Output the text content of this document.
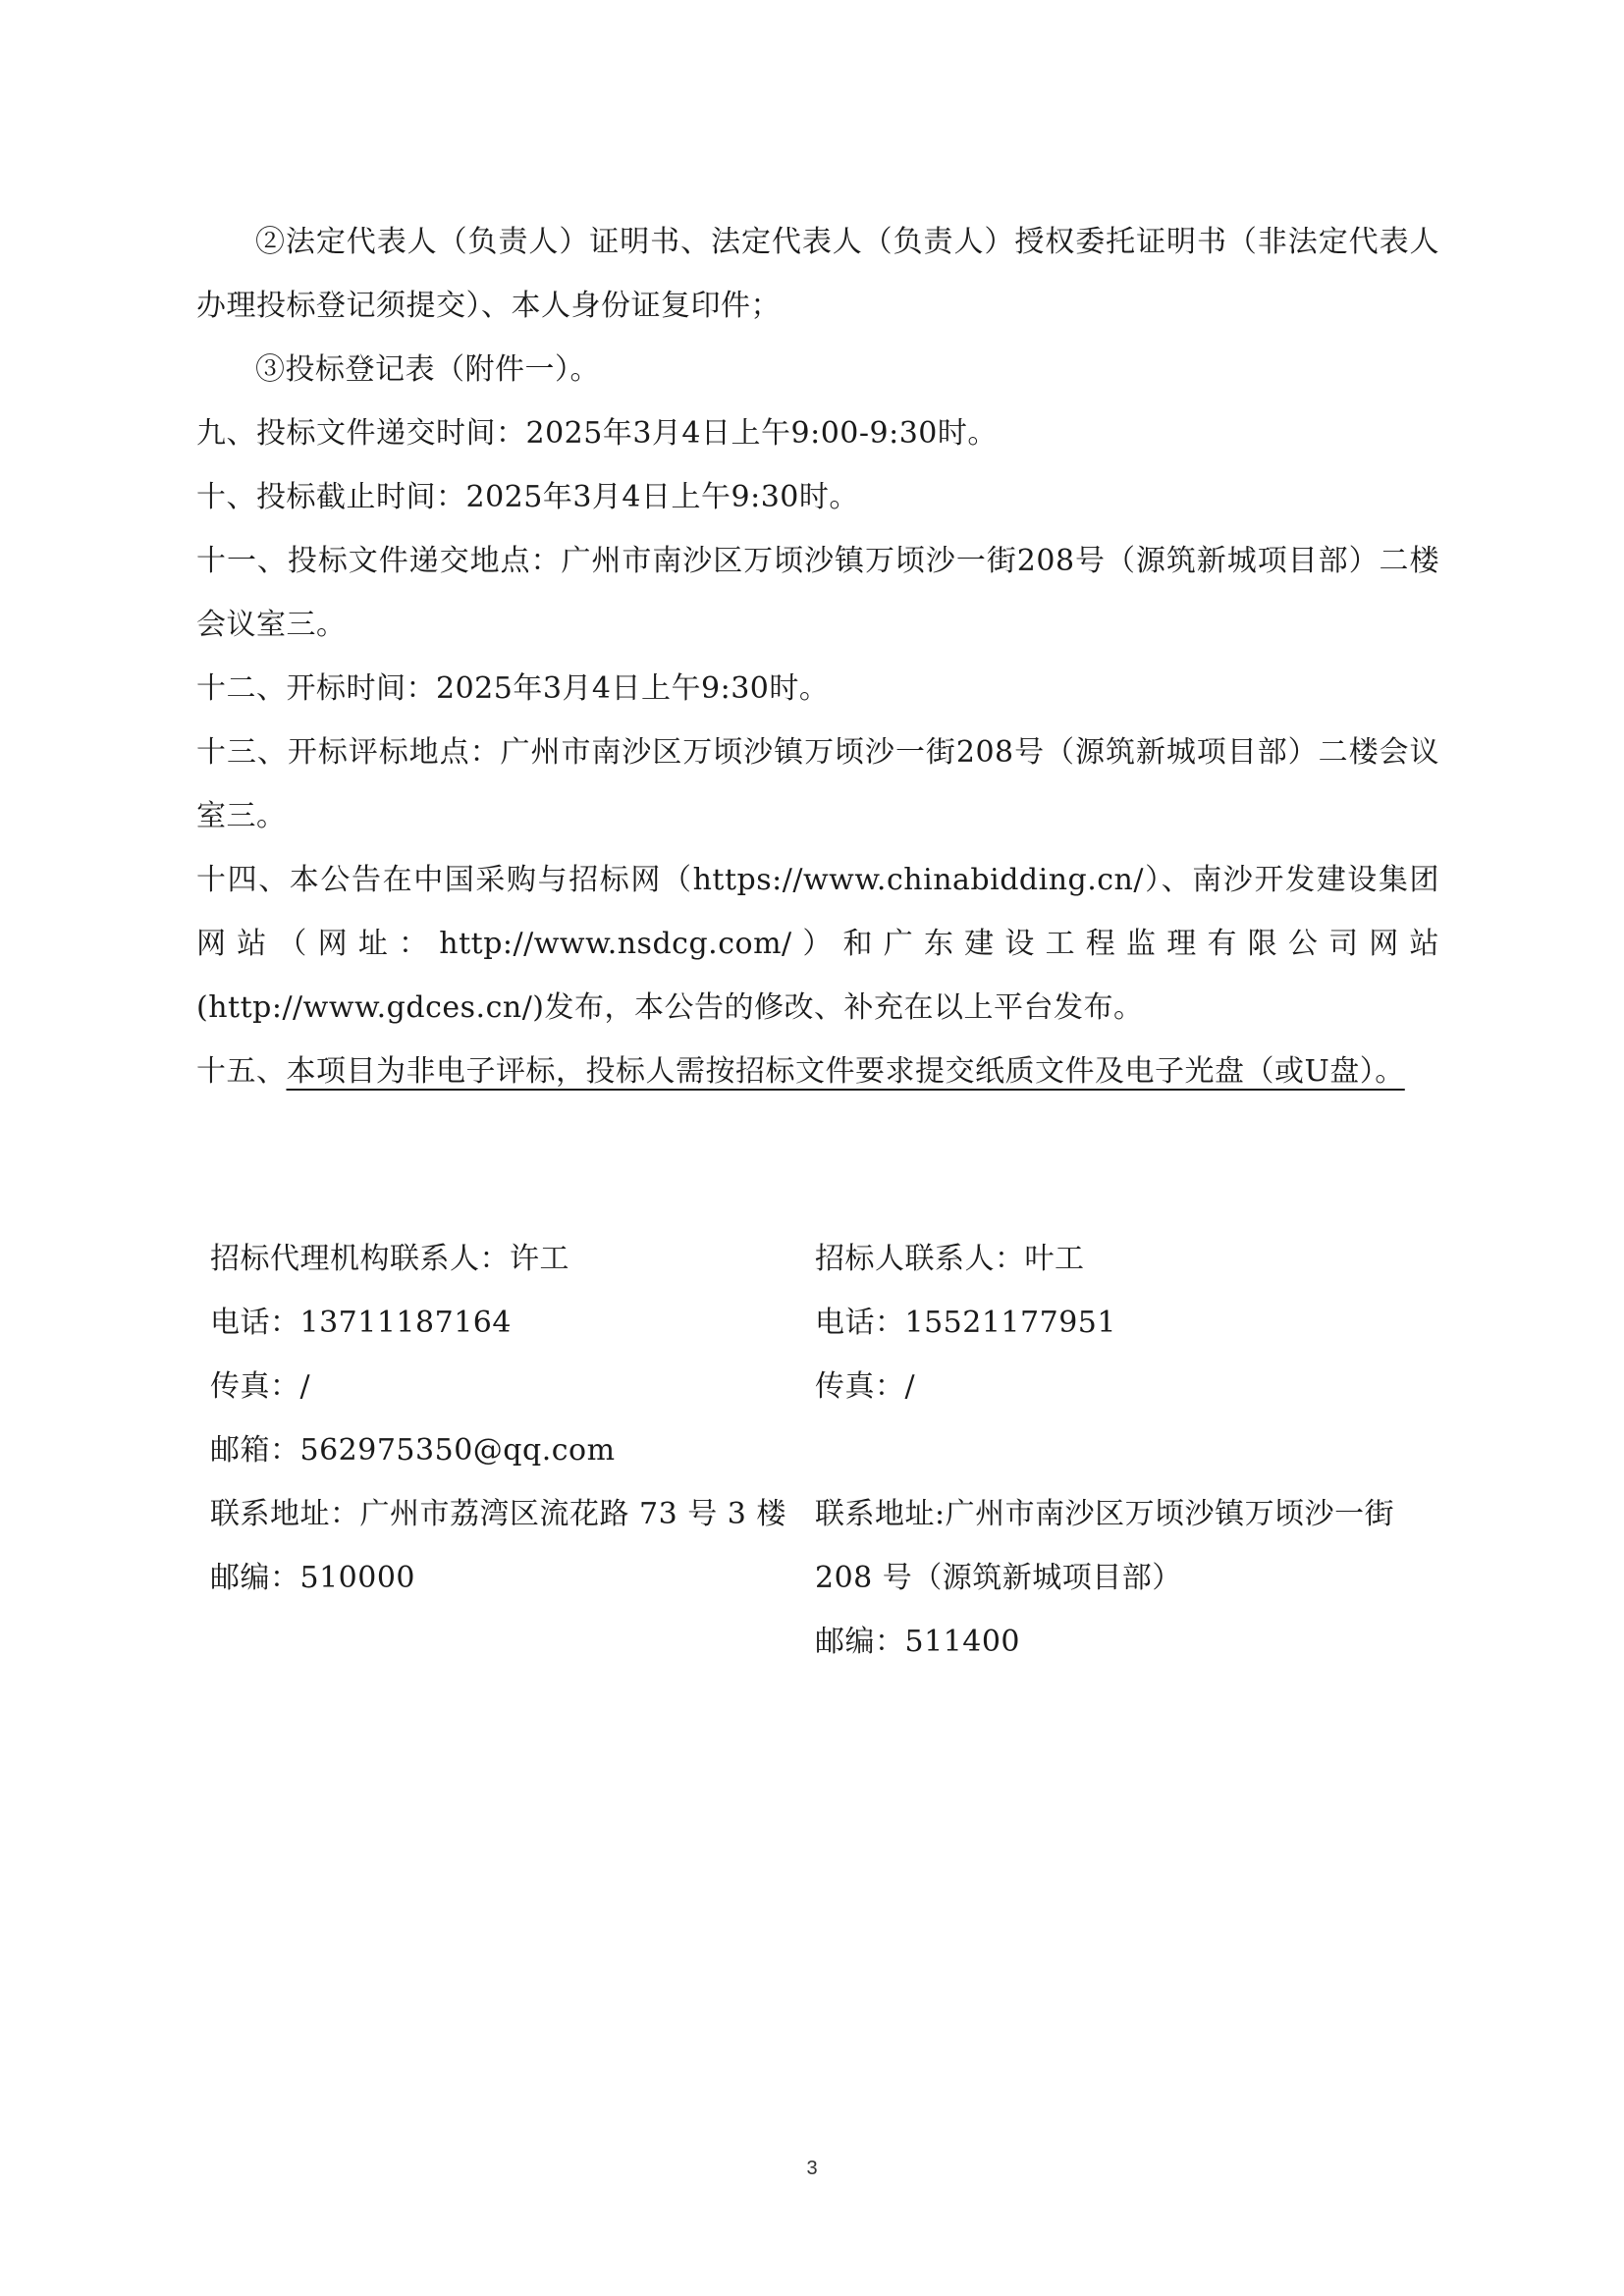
②法定代表人（负责人）证明书、法定代表人（负责人）授权委托证明书（非法定代表人办理投标登记须提交）、本人身份证复印件；

③投标登记表（附件一）。

九、投标文件递交时间：2025年3月4日上午9:00-9:30时。

十、投标截止时间：2025年3月4日上午9:30时。

十一、投标文件递交地点：广州市南沙区万顷沙镇万顷沙一街208号（源筑新城项目部）二楼会议室三。

十二、开标时间：2025年3月4日上午9:30时。

十三、开标评标地点：广州市南沙区万顷沙镇万顷沙一街208号（源筑新城项目部）二楼会议室三。

十四、本公告在中国采购与招标网（https://www.chinabidding.cn/）、南沙开发建设集团网站（网址：http://www.nsdcg.com/）和广东建设工程监理有限公司网站(http://www.gdces.cn/)发布，本公告的修改、补充在以上平台发布。

十五、本项目为非电子评标，投标人需按招标文件要求提交纸质文件及电子光盘（或U盘）。

招标代理机构联系人：许工

电话：13711187164

传真：/

邮箱：562975350@qq.com

联系地址：广州市荔湾区流花路 73 号 3 楼

邮编：510000

招标人联系人：叶工

电话：15521177951

传真：/

联系地址:广州市南沙区万顷沙镇万顷沙一街 208 号（源筑新城项目部）

邮编：511400

3
